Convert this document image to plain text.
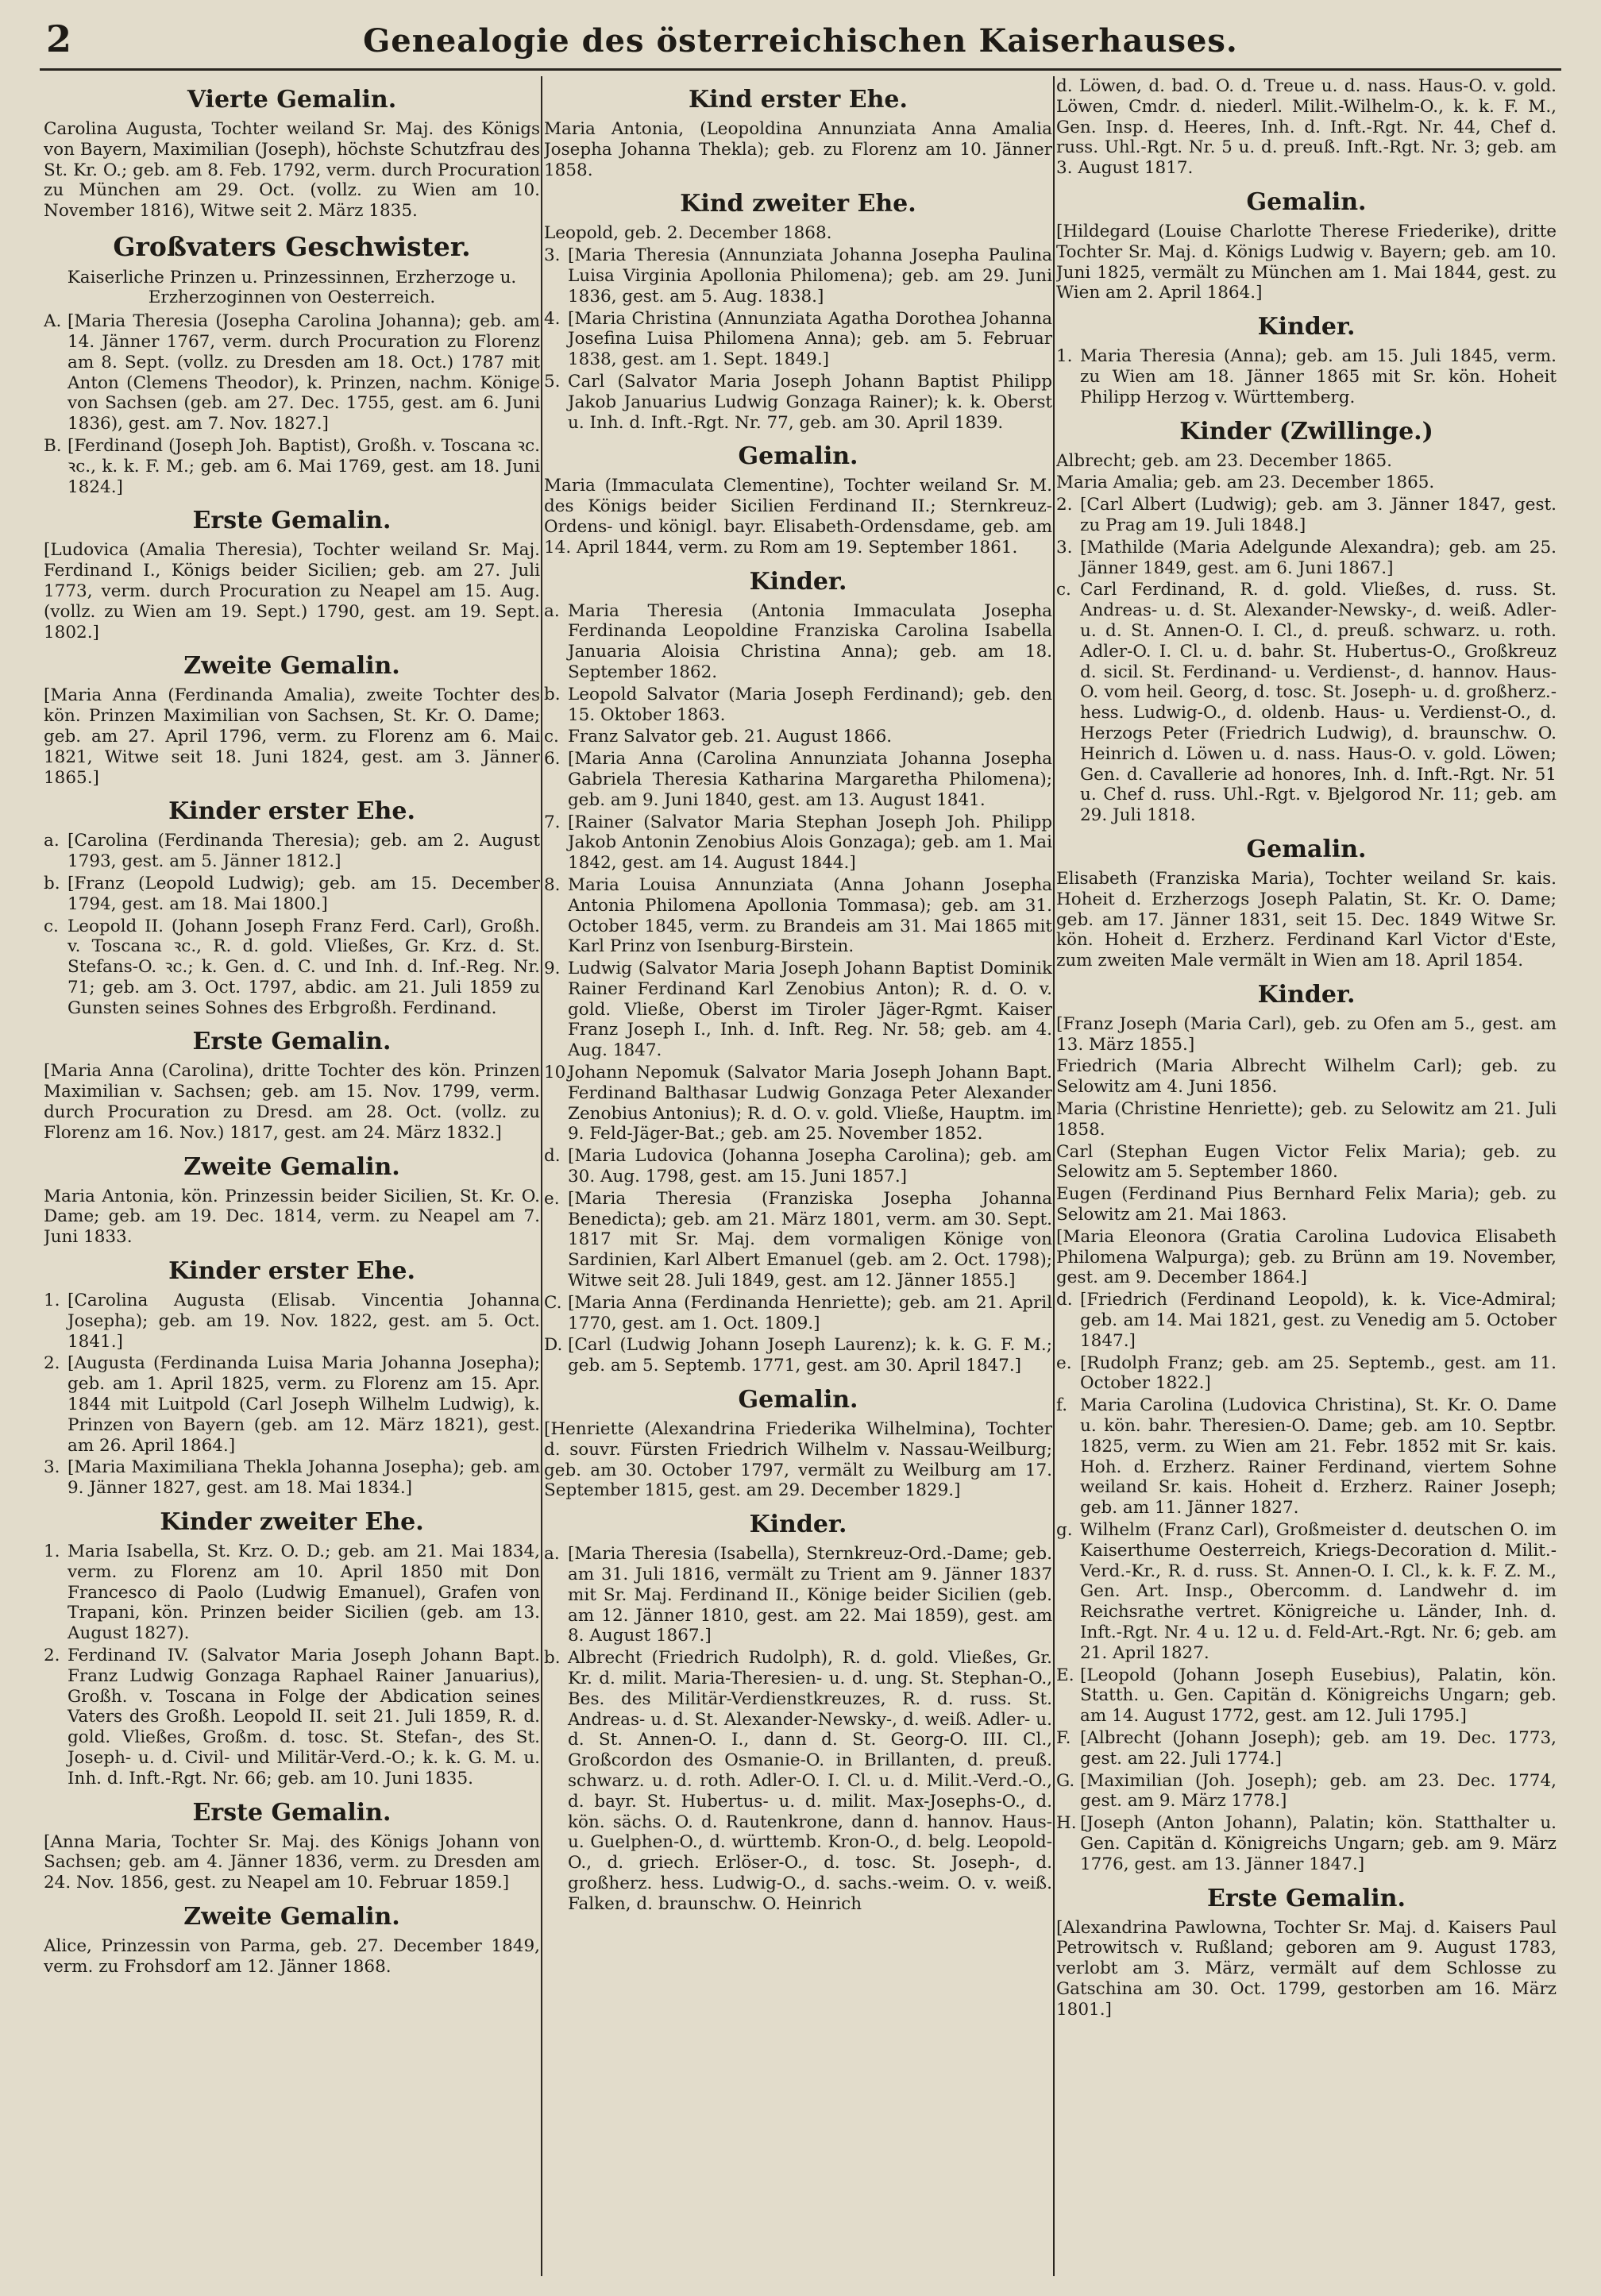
2	Genealogie des österreichischen Kaiserhauses.
Vierte Gemalin.

Carolina Augusta, Tochter weiland Sr. Maj. des Königs von Bayern, Maximilian (Joseph), höchste Schutzfrau des St. Kr. O.; geb. am 8. Feb. 1792, verm. durch Procuration zu München am 29. Oct. (vollz. zu Wien am 10. November 1816), Witwe seit 2. März 1835.

Großvaters Geschwister.
Kaiserliche Prinzen u. Prinzessinnen, Erzherzoge u. Erzherzoginnen von Oesterreich.

A. [Maria Theresia (Josepha Carolina Johanna); geb. am 14. Jänner 1767, verm. durch Procuration zu Florenz am 8. Sept. (vollz. zu Dresden am 18. Oct.) 1787 mit Anton (Clemens Theodor), k. Prinzen, nachm. Könige von Sachsen (geb. am 27. Dec. 1755, gest. am 6. Juni 1836), gest. am 7. Nov. 1827.]

B. [Ferdinand (Joseph Joh. Baptist), Großh. v. Toscana ꝛc. ꝛc., k. k. F. M.; geb. am 6. Mai 1769, gest. am 18. Juni 1824.]

Erste Gemalin.

[Ludovica (Amalia Theresia), Tochter weiland Sr. Maj. Ferdinand I., Königs beider Sicilien; geb. am 27. Juli 1773, verm. durch Procuration zu Neapel am 15. Aug. (vollz. zu Wien am 19. Sept.) 1790, gest. am 19. Sept. 1802.]

Zweite Gemalin.

[Maria Anna (Ferdinanda Amalia), zweite Tochter des kön. Prinzen Maximilian von Sachsen, St. Kr. O. Dame; geb. am 27. April 1796, verm. zu Florenz am 6. Mai 1821, Witwe seit 18. Juni 1824, gest. am 3. Jänner 1865.]

Kinder erster Ehe.

a. [Carolina (Ferdinanda Theresia); geb. am 2. August 1793, gest. am 5. Jänner 1812.]

b. [Franz (Leopold Ludwig); geb. am 15. December 1794, gest. am 18. Mai 1800.]

c. Leopold II. (Johann Joseph Franz Ferd. Carl), Großh. v. Toscana ꝛc., R. d. gold. Vließes, Gr. Krz. d. St. Stefans-O. ꝛc.; k. Gen. d. C. und Inh. d. Inf.-Reg. Nr. 71; geb. am 3. Oct. 1797, abdic. am 21. Juli 1859 zu Gunsten seines Sohnes des Erbgroßh. Ferdinand.

Erste Gemalin.

[Maria Anna (Carolina), dritte Tochter des kön. Prinzen Maximilian v. Sachsen; geb. am 15. Nov. 1799, verm. durch Procuration zu Dresd. am 28. Oct. (vollz. zu Florenz am 16. Nov.) 1817, gest. am 24. März 1832.]

Zweite Gemalin.

Maria Antonia, kön. Prinzessin beider Sicilien, St. Kr. O. Dame; geb. am 19. Dec. 1814, verm. zu Neapel am 7. Juni 1833.

Kinder erster Ehe.

1. [Carolina Augusta (Elisab. Vincentia Johanna Josepha); geb. am 19. Nov. 1822, gest. am 5. Oct. 1841.]

2. [Augusta (Ferdinanda Luisa Maria Johanna Josepha); geb. am 1. April 1825, verm. zu Florenz am 15. Apr. 1844 mit Luitpold (Carl Joseph Wilhelm Ludwig), k. Prinzen von Bayern (geb. am 12. März 1821), gest. am 26. April 1864.]

3. [Maria Maximiliana Thekla Johanna Josepha); geb. am 9. Jänner 1827, gest. am 18. Mai 1834.]

Kinder zweiter Ehe.

1. Maria Isabella, St. Krz. O. D.; geb. am 21. Mai 1834, verm. zu Florenz am 10. April 1850 mit Don Francesco di Paolo (Ludwig Emanuel), Grafen von Trapani, kön. Prinzen beider Sicilien (geb. am 13. August 1827).

2. Ferdinand IV. (Salvator Maria Joseph Johann Bapt. Franz Ludwig Gonzaga Raphael Rainer Januarius), Großh. v. Toscana in Folge der Abdication seines Vaters des Großh. Leopold II. seit 21. Juli 1859, R. d. gold. Vließes, Großm. d. tosc. St. Stefan-, des St. Joseph- u. d. Civil- und Militär-Verd.-O.; k. k. G. M. u. Inh. d. Inft.-Rgt. Nr. 66; geb. am 10. Juni 1835.

Erste Gemalin.

[Anna Maria, Tochter Sr. Maj. des Königs Johann von Sachsen; geb. am 4. Jänner 1836, verm. zu Dresden am 24. Nov. 1856, gest. zu Neapel am 10. Februar 1859.]

Zweite Gemalin.

Alice, Prinzessin von Parma, geb. 27. December 1849, verm. zu Frohsdorf am 12. Jänner 1868.

Kind erster Ehe.

Maria Antonia, (Leopoldina Annunziata Anna Amalia Josepha Johanna Thekla); geb. zu Florenz am 10. Jänner 1858.

Kind zweiter Ehe.

Leopold, geb. 2. December 1868.

3. [Maria Theresia (Annunziata Johanna Josepha Paulina Luisa Virginia Apollonia Philomena); geb. am 29. Juni 1836, gest. am 5. Aug. 1838.]

4. [Maria Christina (Annunziata Agatha Dorothea Johanna Josefina Luisa Philomena Anna); geb. am 5. Februar 1838, gest. am 1. Sept. 1849.]

5. Carl (Salvator Maria Joseph Johann Baptist Philipp Jakob Januarius Ludwig Gonzaga Rainer); k. k. Oberst u. Inh. d. Inft.-Rgt. Nr. 77, geb. am 30. April 1839.

Gemalin.

Maria (Immaculata Clementine), Tochter weiland Sr. M. des Königs beider Sicilien Ferdinand II.; Sternkreuz-Ordens- und königl. bayr. Elisabeth-Ordensdame, geb. am 14. April 1844, verm. zu Rom am 19. September 1861.

Kinder.

a. Maria Theresia (Antonia Immaculata Josepha Ferdinanda Leopoldine Franziska Carolina Isabella Januaria Aloisia Christina Anna); geb. am 18. September 1862.

b. Leopold Salvator (Maria Joseph Ferdinand); geb. den 15. Oktober 1863.

c. Franz Salvator geb. 21. August 1866.

6. [Maria Anna (Carolina Annunziata Johanna Josepha Gabriela Theresia Katharina Margaretha Philomena); geb. am 9. Juni 1840, gest. am 13. August 1841.

7. [Rainer (Salvator Maria Stephan Joseph Joh. Philipp Jakob Antonin Zenobius Alois Gonzaga); geb. am 1. Mai 1842, gest. am 14. August 1844.]

8. Maria Louisa Annunziata (Anna Johann Josepha Antonia Philomena Apollonia Tommasa); geb. am 31. October 1845, verm. zu Brandeis am 31. Mai 1865 mit Karl Prinz von Isenburg-Birstein.

9. Ludwig (Salvator Maria Joseph Johann Baptist Dominik Rainer Ferdinand Karl Zenobius Anton); R. d. O. v. gold. Vließe, Oberst im Tiroler Jäger-Rgmt. Kaiser Franz Joseph I., Inh. d. Inft. Reg. Nr. 58; geb. am 4. Aug. 1847.

10.Johann Nepomuk (Salvator Maria Joseph Johann Bapt. Ferdinand Balthasar Ludwig Gonzaga Peter Alexander Zenobius Antonius); R. d. O. v. gold. Vließe, Hauptm. im 9. Feld-Jäger-Bat.; geb. am 25. November 1852.

d. [Maria Ludovica (Johanna Josepha Carolina); geb. am 30. Aug. 1798, gest. am 15. Juni 1857.]

e. [Maria Theresia (Franziska Josepha Johanna Benedicta); geb. am 21. März 1801, verm. am 30. Sept. 1817 mit Sr. Maj. dem vormaligen Könige von Sardinien, Karl Albert Emanuel (geb. am 2. Oct. 1798); Witwe seit 28. Juli 1849, gest. am 12. Jänner 1855.]

C. [Maria Anna (Ferdinanda Henriette); geb. am 21. April 1770, gest. am 1. Oct. 1809.]

D. [Carl (Ludwig Johann Joseph Laurenz); k. k. G. F. M.; geb. am 5. Septemb. 1771, gest. am 30. April 1847.]

Gemalin.

[Henriette (Alexandrina Friederika Wilhelmina), Tochter d. souvr. Fürsten Friedrich Wilhelm v. Nassau-Weilburg; geb. am 30. October 1797, vermält zu Weilburg am 17. September 1815, gest. am 29. December 1829.]

Kinder.

a. [Maria Theresia (Isabella), Sternkreuz-Ord.-Dame; geb. am 31. Juli 1816, vermält zu Trient am 9. Jänner 1837 mit Sr. Maj. Ferdinand II., Könige beider Sicilien (geb. am 12. Jänner 1810, gest. am 22. Mai 1859), gest. am 8. August 1867.]

b. Albrecht (Friedrich Rudolph), R. d. gold. Vließes, Gr. Kr. d. milit. Maria-Theresien- u. d. ung. St. Stephan-O., Bes. des Militär-Verdienstkreuzes, R. d. russ. St. Andreas- u. d. St. Alexander-Newsky-, d. weiß. Adler- u. d. St. Annen-O. I., dann d. St. Georg-O. III. Cl., Großcordon des Osmanie-O. in Brillanten, d. preuß. schwarz. u. d. roth. Adler-O. I. Cl. u. d. Milit.-Verd.-O., d. bayr. St. Hubertus- u. d. milit. Max-Josephs-O., d. kön. sächs. O. d. Rautenkrone, dann d. hannov. Haus- u. Guelphen-O., d. württemb. Kron-O., d. belg. Leopold-O., d. griech. Erlöser-O., d. tosc. St. Joseph-, d. großherz. hess. Ludwig-O., d. sachs.-weim. O. v. weiß. Falken, d. braunschw. O. Heinrich

d. Löwen, d. bad. O. d. Treue u. d. nass. Haus-O. v. gold. Löwen, Cmdr. d. niederl. Milit.-Wilhelm-O., k. k. F. M., Gen. Insp. d. Heeres, Inh. d. Inft.-Rgt. Nr. 44, Chef d. russ. Uhl.-Rgt. Nr. 5 u. d. preuß. Inft.-Rgt. Nr. 3; geb. am 3. August 1817.

Gemalin.

[Hildegard (Louise Charlotte Therese Friederike), dritte Tochter Sr. Maj. d. Königs Ludwig v. Bayern; geb. am 10. Juni 1825, vermält zu München am 1. Mai 1844, gest. zu Wien am 2. April 1864.]

Kinder.

1. Maria Theresia (Anna); geb. am 15. Juli 1845, verm. zu Wien am 18. Jänner 1865 mit Sr. kön. Hoheit Philipp Herzog v. Württemberg.

Kinder (Zwillinge.)

Albrecht; geb. am 23. December 1865.

Maria Amalia; geb. am 23. December 1865.

2. [Carl Albert (Ludwig); geb. am 3. Jänner 1847, gest. zu Prag am 19. Juli 1848.]

3. [Mathilde (Maria Adelgunde Alexandra); geb. am 25. Jänner 1849, gest. am 6. Juni 1867.]

c. Carl Ferdinand, R. d. gold. Vließes, d. russ. St. Andreas- u. d. St. Alexander-Newsky-, d. weiß. Adler- u. d. St. Annen-O. I. Cl., d. preuß. schwarz. u. roth. Adler-O. I. Cl. u. d. bahr. St. Hubertus-O., Großkreuz d. sicil. St. Ferdinand- u. Verdienst-, d. hannov. Haus-O. vom heil. Georg, d. tosc. St. Joseph- u. d. großherz.-hess. Ludwig-O., d. oldenb. Haus- u. Verdienst-O., d. Herzogs Peter (Friedrich Ludwig), d. braunschw. O. Heinrich d. Löwen u. d. nass. Haus-O. v. gold. Löwen; Gen. d. Cavallerie ad honores, Inh. d. Inft.-Rgt. Nr. 51 u. Chef d. russ. Uhl.-Rgt. v. Bjelgorod Nr. 11; geb. am 29. Juli 1818.

Gemalin.

Elisabeth (Franziska Maria), Tochter weiland Sr. kais. Hoheit d. Erzherzogs Joseph Palatin, St. Kr. O. Dame; geb. am 17. Jänner 1831, seit 15. Dec. 1849 Witwe Sr. kön. Hoheit d. Erzherz. Ferdinand Karl Victor d'Este, zum zweiten Male vermält in Wien am 18. April 1854.

Kinder.

[Franz Joseph (Maria Carl), geb. zu Ofen am 5., gest. am 13. März 1855.]

Friedrich (Maria Albrecht Wilhelm Carl); geb. zu Selowitz am 4. Juni 1856.

Maria (Christine Henriette); geb. zu Selowitz am 21. Juli 1858.

Carl (Stephan Eugen Victor Felix Maria); geb. zu Selowitz am 5. September 1860.

Eugen (Ferdinand Pius Bernhard Felix Maria); geb. zu Selowitz am 21. Mai 1863.

[Maria Eleonora (Gratia Carolina Ludovica Elisabeth Philomena Walpurga); geb. zu Brünn am 19. November, gest. am 9. December 1864.]

d. [Friedrich (Ferdinand Leopold), k. k. Vice-Admiral; geb. am 14. Mai 1821, gest. zu Venedig am 5. October 1847.]

e. [Rudolph Franz; geb. am 25. Septemb., gest. am 11. October 1822.]

f. Maria Carolina (Ludovica Christina), St. Kr. O. Dame u. kön. bahr. Theresien-O. Dame; geb. am 10. Septbr. 1825, verm. zu Wien am 21. Febr. 1852 mit Sr. kais. Hoh. d. Erzherz. Rainer Ferdinand, viertem Sohne weiland Sr. kais. Hoheit d. Erzherz. Rainer Joseph; geb. am 11. Jänner 1827.

g. Wilhelm (Franz Carl), Großmeister d. deutschen O. im Kaiserthume Oesterreich, Kriegs-Decoration d. Milit.-Verd.-Kr., R. d. russ. St. Annen-O. I. Cl., k. k. F. Z. M., Gen. Art. Insp., Obercomm. d. Landwehr d. im Reichsrathe vertret. Königreiche u. Länder, Inh. d. Inft.-Rgt. Nr. 4 u. 12 u. d. Feld-Art.-Rgt. Nr. 6; geb. am 21. April 1827.

E. [Leopold (Johann Joseph Eusebius), Palatin, kön. Statth. u. Gen. Capitän d. Königreichs Ungarn; geb. am 14. August 1772, gest. am 12. Juli 1795.]

F. [Albrecht (Johann Joseph); geb. am 19. Dec. 1773, gest. am 22. Juli 1774.]

G. [Maximilian (Joh. Joseph); geb. am 23. Dec. 1774, gest. am 9. März 1778.]

H. [Joseph (Anton Johann), Palatin; kön. Statthalter u. Gen. Capitän d. Königreichs Ungarn; geb. am 9. März 1776, gest. am 13. Jänner 1847.]

Erste Gemalin.

[Alexandrina Pawlowna, Tochter Sr. Maj. d. Kaisers Paul Petrowitsch v. Rußland; geboren am 9. August 1783, verlobt am 3. März, vermält auf dem Schlosse zu Gatschina am 30. Oct. 1799, gestorben am 16. März 1801.]
